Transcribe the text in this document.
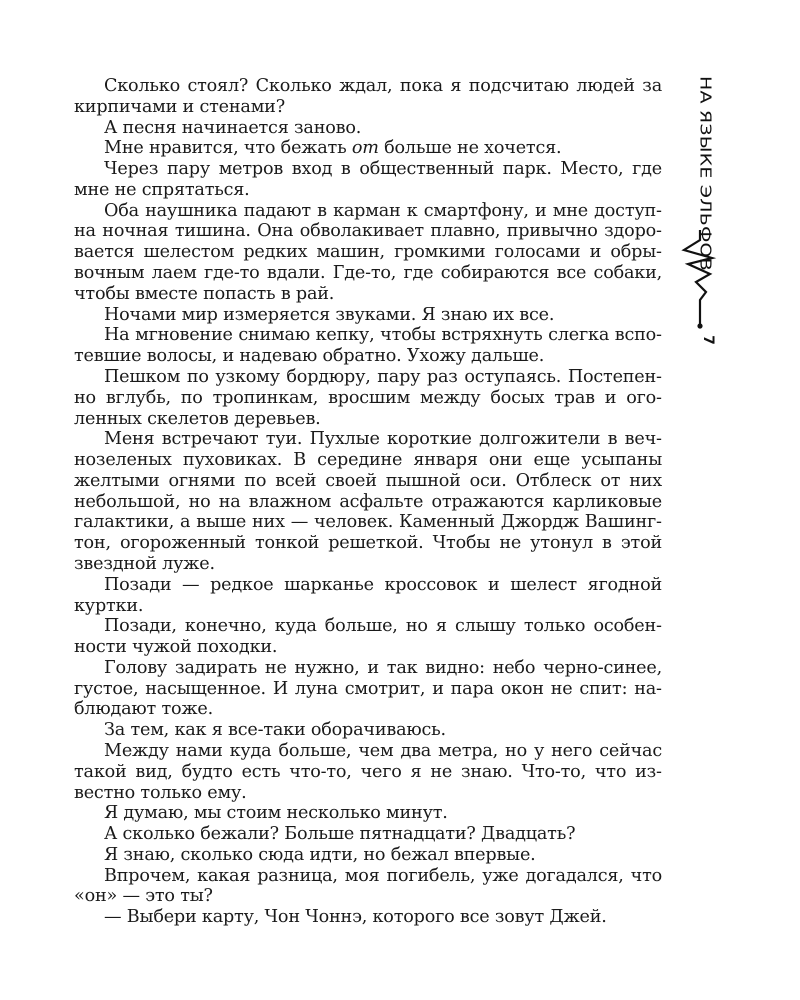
Сколько стоял? Сколько ждал, пока я подсчитаю людей за кирпичами и стенами?

А песня начинается заново.

Мне нравится, что бежать от больше не хочется.

Через пару метров вход в общественный парк. Место, где мне не спрятаться.

Оба наушника падают в карман к смартфону, и мне доступна ночная тишина. Она обволакивает плавно, привычно здоровается шелестом редких машин, громкими голосами и обрывочным лаем где-то вдали. Где-то, где собираются все собаки, чтобы вместе попасть в рай.

Ночами мир измеряется звуками. Я знаю их все.

На мгновение снимаю кепку, чтобы встряхнуть слегка вспотевшие волосы, и надеваю обратно. Ухожу дальше.

Пешком по узкому бордюру, пару раз оступаясь. Постепенно вглубь, по тропинкам, вросшим между босых трав и оголенных скелетов деревьев.

Меня встречают туи. Пухлые короткие долгожители в вечнозеленых пуховиках. В середине января они еще усыпаны желтыми огнями по всей своей пышной оси. Отблеск от них небольшой, но на влажном асфальте отражаются карликовые галактики, а выше них — человек. Каменный Джордж Вашингтон, огороженный тонкой решеткой. Чтобы не утонул в этой звездной луже.

Позади — редкое шарканье кроссовок и шелест ягодной куртки.

Позади, конечно, куда больше, но я слышу только особенности чужой походки.

Голову задирать не нужно, и так видно: небо черно-синее, густое, насыщенное. И луна смотрит, и пара окон не спит: наблюдают тоже.

За тем, как я все-таки оборачиваюсь.

Между нами куда больше, чем два метра, но у него сейчас такой вид, будто есть что-то, чего я не знаю. Что-то, что известно только ему.

Я думаю, мы стоим несколько минут.

А сколько бежали? Больше пятнадцати? Двадцать?

Я знаю, сколько сюда идти, но бежал впервые.

Впрочем, какая разница, моя погибель, уже догадался, что «он» — это ты?

— Выбери карту, Чон Чоннэ, которого все зовут Джей.

НА ЯЗЫКЕ ЭЛЬФОВ
7
